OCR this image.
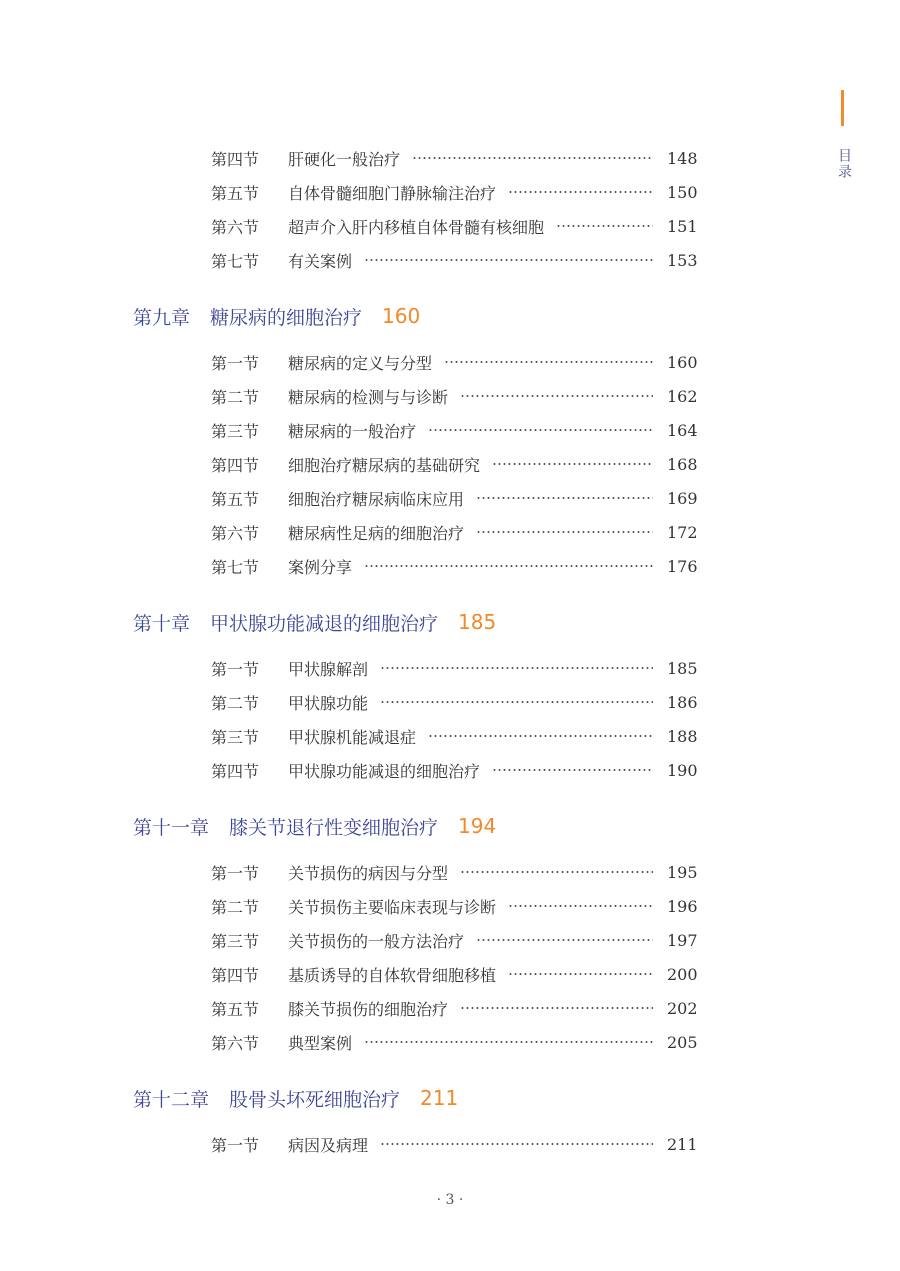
目录
第四节	肝硬化一般治疗	148
第五节	自体骨髓细胞门静脉输注治疗	150
第六节	超声介入肝内移植自体骨髓有核细胞	151
第七节	有关案例	153
第九章 糖尿病的细胞治疗 160
第一节	糖尿病的定义与分型	160
第二节	糖尿病的检测与与诊断	162
第三节	糖尿病的一般治疗	164
第四节	细胞治疗糖尿病的基础研究	168
第五节	细胞治疗糖尿病临床应用	169
第六节	糖尿病性足病的细胞治疗	172
第七节	案例分享	176
第十章 甲状腺功能减退的细胞治疗 185
第一节	甲状腺解剖	185
第二节	甲状腺功能	186
第三节	甲状腺机能减退症	188
第四节	甲状腺功能减退的细胞治疗	190
第十一章 膝关节退行性变细胞治疗 194
第一节	关节损伤的病因与分型	195
第二节	关节损伤主要临床表现与诊断	196
第三节	关节损伤的一般方法治疗	197
第四节	基质诱导的自体软骨细胞移植	200
第五节	膝关节损伤的细胞治疗	202
第六节	典型案例	205
第十二章 股骨头坏死细胞治疗 211
第一节	病因及病理	211
· 3 ·
